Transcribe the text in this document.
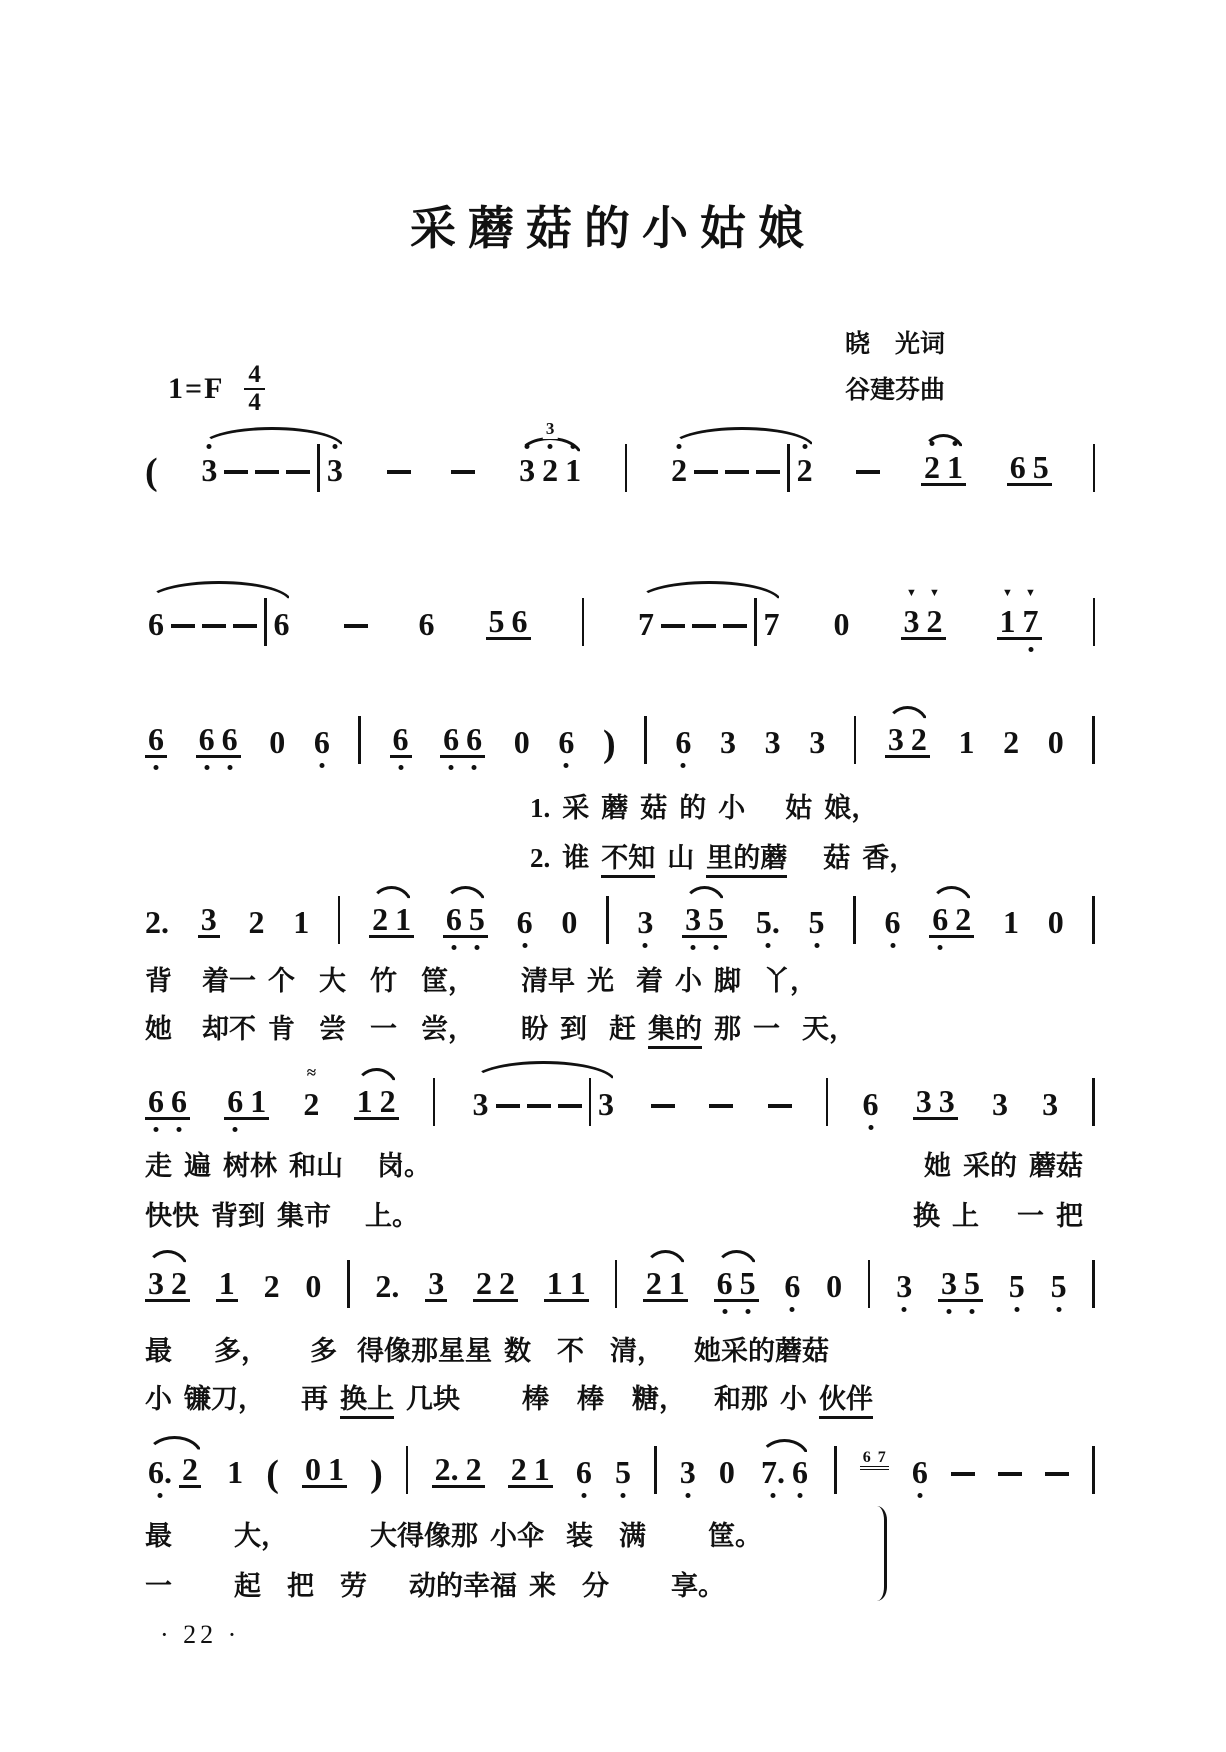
采蘑菇的小姑娘
晓　光词
谷建芬曲
$1=F \frac{4}{4}$
( 3	3	3 2 1
3	2	2	2 1 6 5
6	6	6 5 6	7	7 0 ▼ 3 ▼ 2 ▼ 1 ▼ 7
6 6 6 0 6 6 6 6 0 6 ) 6 3 3 3 3 2 1 2 0
1. 采 蘑 菇 的 小 姑 娘，
2. 谁 不知 山 里的蘑 菇 香，
2. 3 2 1 2 1 6 5 6 0 3 3 5 5. 5 6 6 2 1 0
背 着一 个 大 竹 筐， 清早 光 着 小 脚 丫，
她 却不 肯 尝 一 尝， 盼 到 赶 集的 那 一 天，
6 6 6 1 ≈ 2 1 2 3	3	6 3 3 3 3
走 遍 树林 和山 岗。	她 采的 蘑菇
快快 背到 集市 上。	换 上 一 把
3 2 1 2 0 2. 3 2 2 1 1 2 1 6 5 6 0 3 3 5 5 5
最 多， 多 得像那星星 数 不 清， 她采的蘑菇
小 镰刀， 再 换上 几块 棒 棒 糖， 和那 小 伙伴
6. 2 1 ( 0 1 ) 2. 2 2 1 6 5 3 0 7. 6	6 7 6
最 大，	大得像那 小伞 装 满 筐。
一 起 把 劳 动的幸福 来 分 享。
· 22 ·
